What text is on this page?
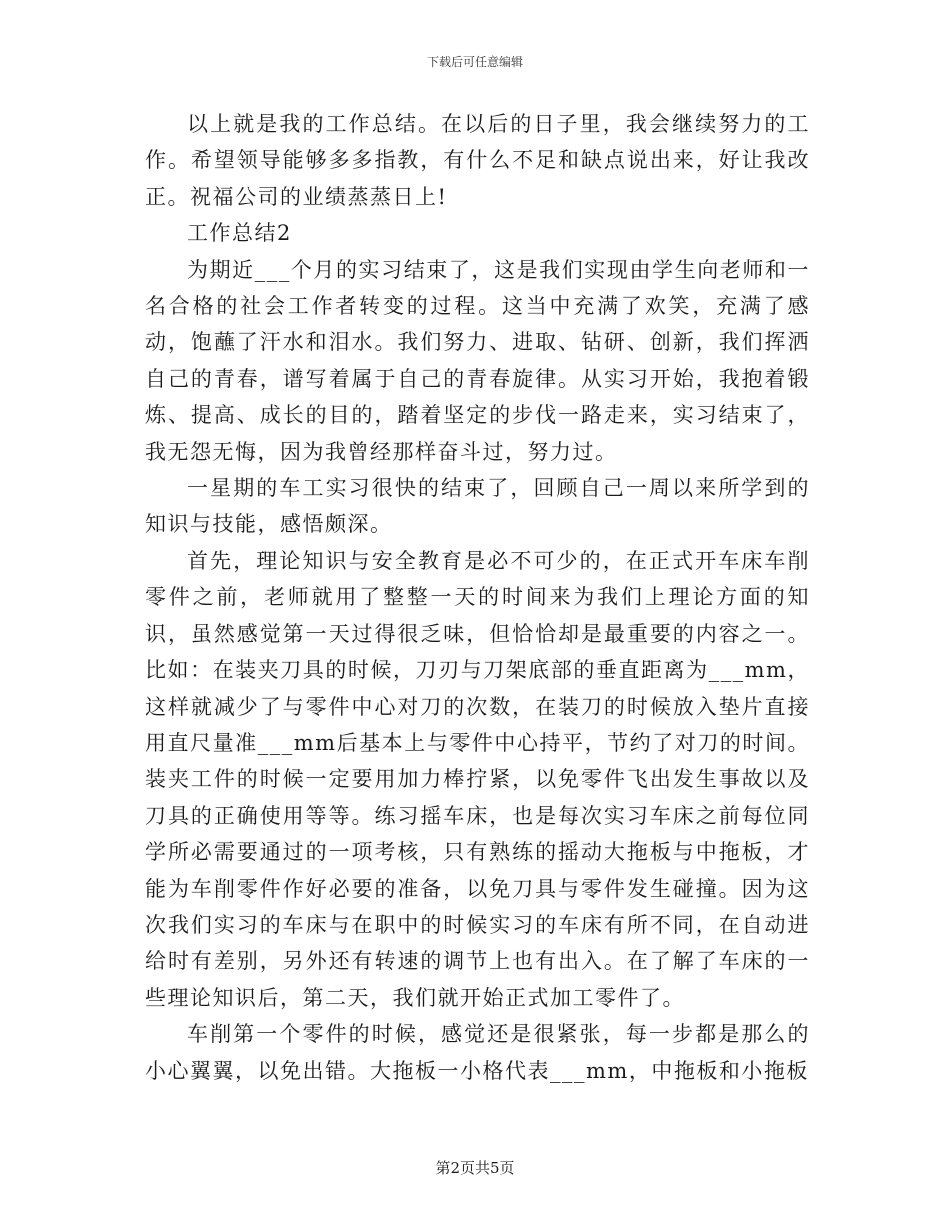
下载后可任意编辑

以上就是我的工作总结。在以后的日子里，我会继续努力的工作。希望领导能够多多指教，有什么不足和缺点说出来，好让我改正。祝福公司的业绩蒸蒸日上!

工作总结2

为期近___个月的实习结束了，这是我们实现由学生向老师和一名合格的社会工作者转变的过程。这当中充满了欢笑，充满了感动，饱蘸了汗水和泪水。我们努力、进取、钻研、创新，我们挥洒自己的青春，谱写着属于自己的青春旋律。从实习开始，我抱着锻炼、提高、成长的目的，踏着坚定的步伐一路走来，实习结束了，我无怨无悔，因为我曾经那样奋斗过，努力过。

一星期的车工实习很快的结束了，回顾自己一周以来所学到的知识与技能，感悟颇深。

首先，理论知识与安全教育是必不可少的，在正式开车床车削零件之前，老师就用了整整一天的时间来为我们上理论方面的知识，虽然感觉第一天过得很乏味，但恰恰却是最重要的内容之一。比如：在装夹刀具的时候，刀刃与刀架底部的垂直距离为___mm，这样就减少了与零件中心对刀的次数，在装刀的时候放入垫片直接用直尺量准___mm后基本上与零件中心持平，节约了对刀的时间。装夹工件的时候一定要用加力棒拧紧，以免零件飞出发生事故以及刀具的正确使用等等。练习摇车床，也是每次实习车床之前每位同学所必需要通过的一项考核，只有熟练的摇动大拖板与中拖板，才能为车削零件作好必要的准备，以免刀具与零件发生碰撞。因为这次我们实习的车床与在职中的时候实习的车床有所不同，在自动进给时有差别，另外还有转速的调节上也有出入。在了解了车床的一些理论知识后，第二天，我们就开始正式加工零件了。

车削第一个零件的时候，感觉还是很紧张，每一步都是那么的小心翼翼，以免出错。大拖板一小格代表___mm，中拖板和小拖板

第2页共5页
